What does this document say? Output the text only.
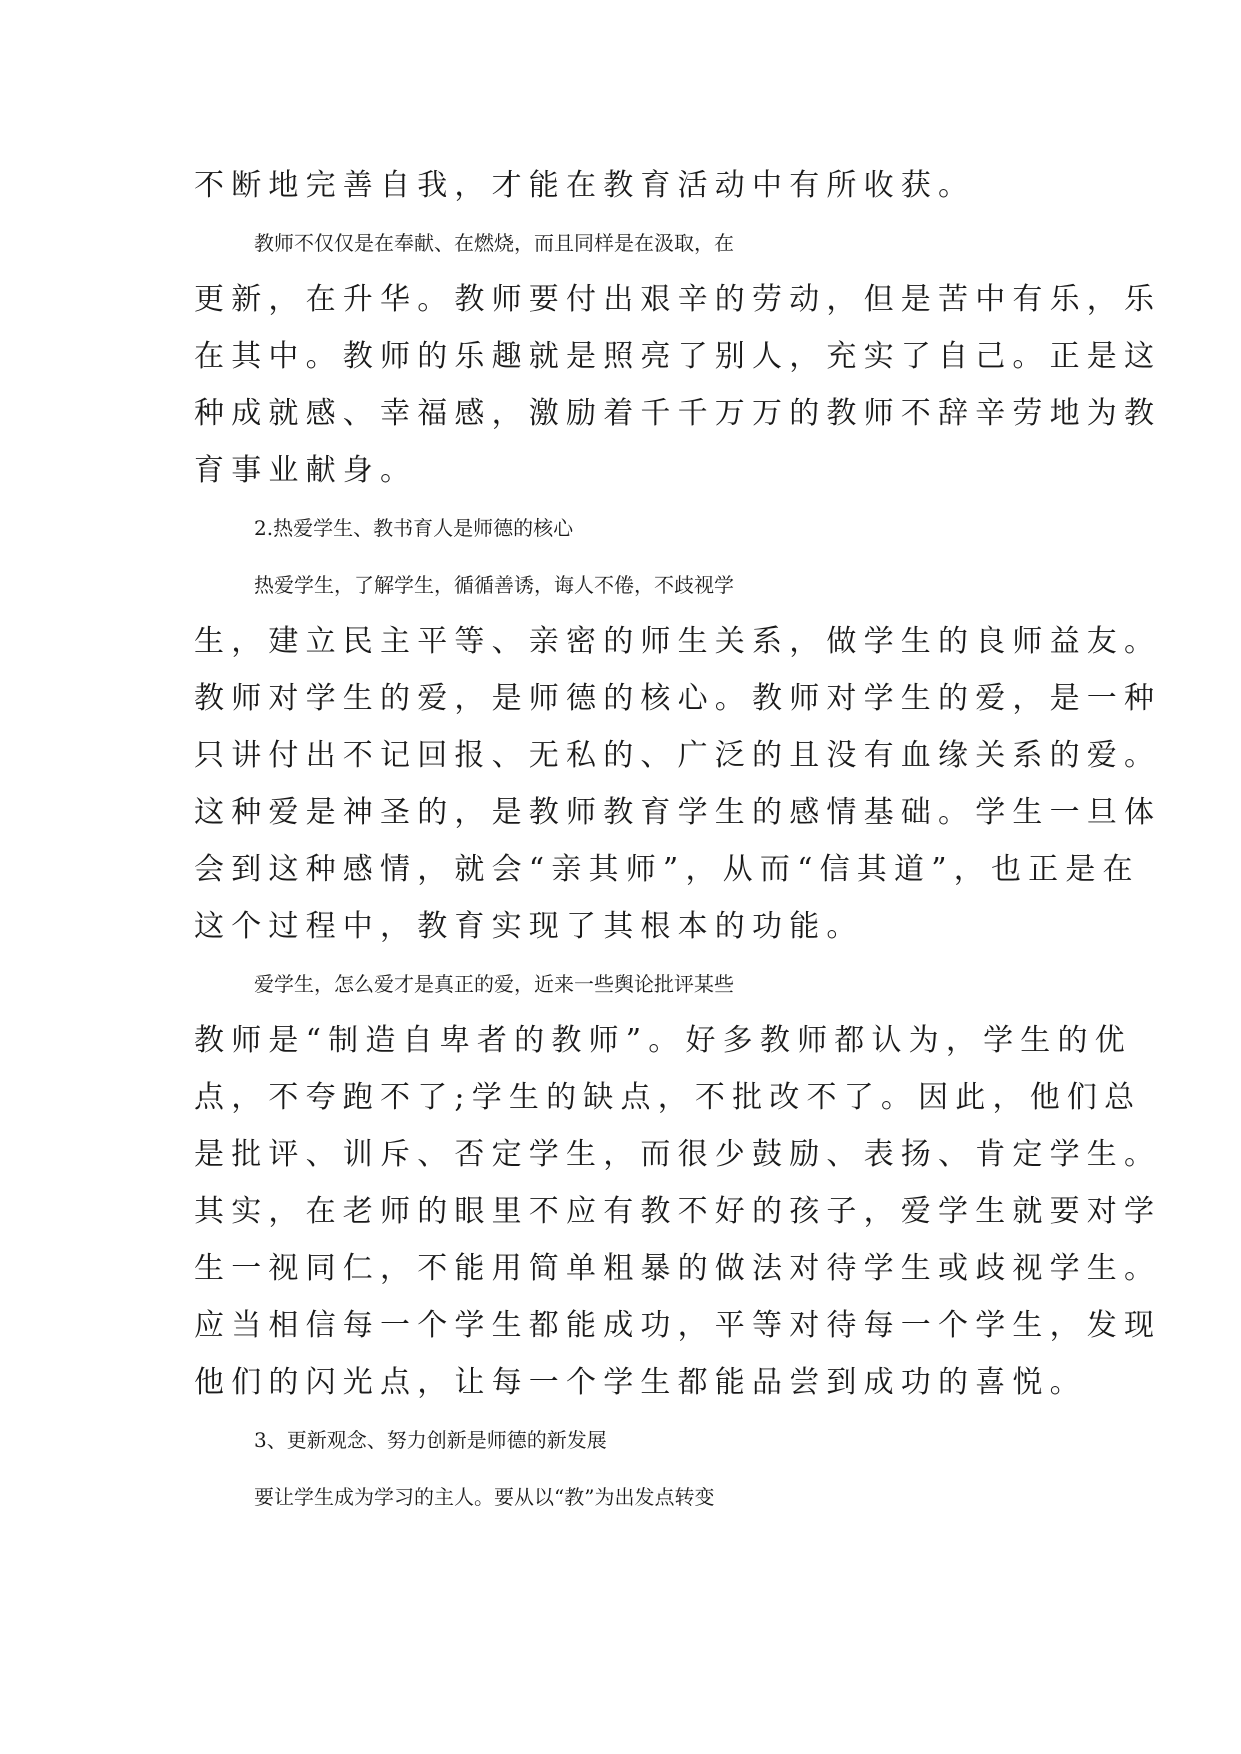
不断地完善自我，才能在教育活动中有所收获。
教师不仅仅是在奉献、在燃烧，而且同样是在汲取，在
更新，在升华。教师要付出艰辛的劳动，但是苦中有乐，乐
在其中。教师的乐趣就是照亮了别人，充实了自己。正是这
种成就感、幸福感，激励着千千万万的教师不辞辛劳地为教
育事业献身。
2.热爱学生、教书育人是师德的核心
热爱学生，了解学生，循循善诱，诲人不倦，不歧视学
生，建立民主平等、亲密的师生关系，做学生的良师益友。
教师对学生的爱，是师德的核心。教师对学生的爱，是一种
只讲付出不记回报、无私的、广泛的且没有血缘关系的爱。
这种爱是神圣的，是教师教育学生的感情基础。学生一旦体
会到这种感情，就会“亲其师”，从而“信其道”，也正是在
这个过程中，教育实现了其根本的功能。
爱学生，怎么爱才是真正的爱，近来一些舆论批评某些
教师是“制造自卑者的教师”。好多教师都认为，学生的优
点，不夸跑不了;学生的缺点，不批改不了。因此，他们总
是批评、训斥、否定学生，而很少鼓励、表扬、肯定学生。
其实，在老师的眼里不应有教不好的孩子，爱学生就要对学
生一视同仁，不能用简单粗暴的做法对待学生或歧视学生。
应当相信每一个学生都能成功，平等对待每一个学生，发现
他们的闪光点，让每一个学生都能品尝到成功的喜悦。
3、更新观念、努力创新是师德的新发展
要让学生成为学习的主人。要从以“教”为出发点转变
